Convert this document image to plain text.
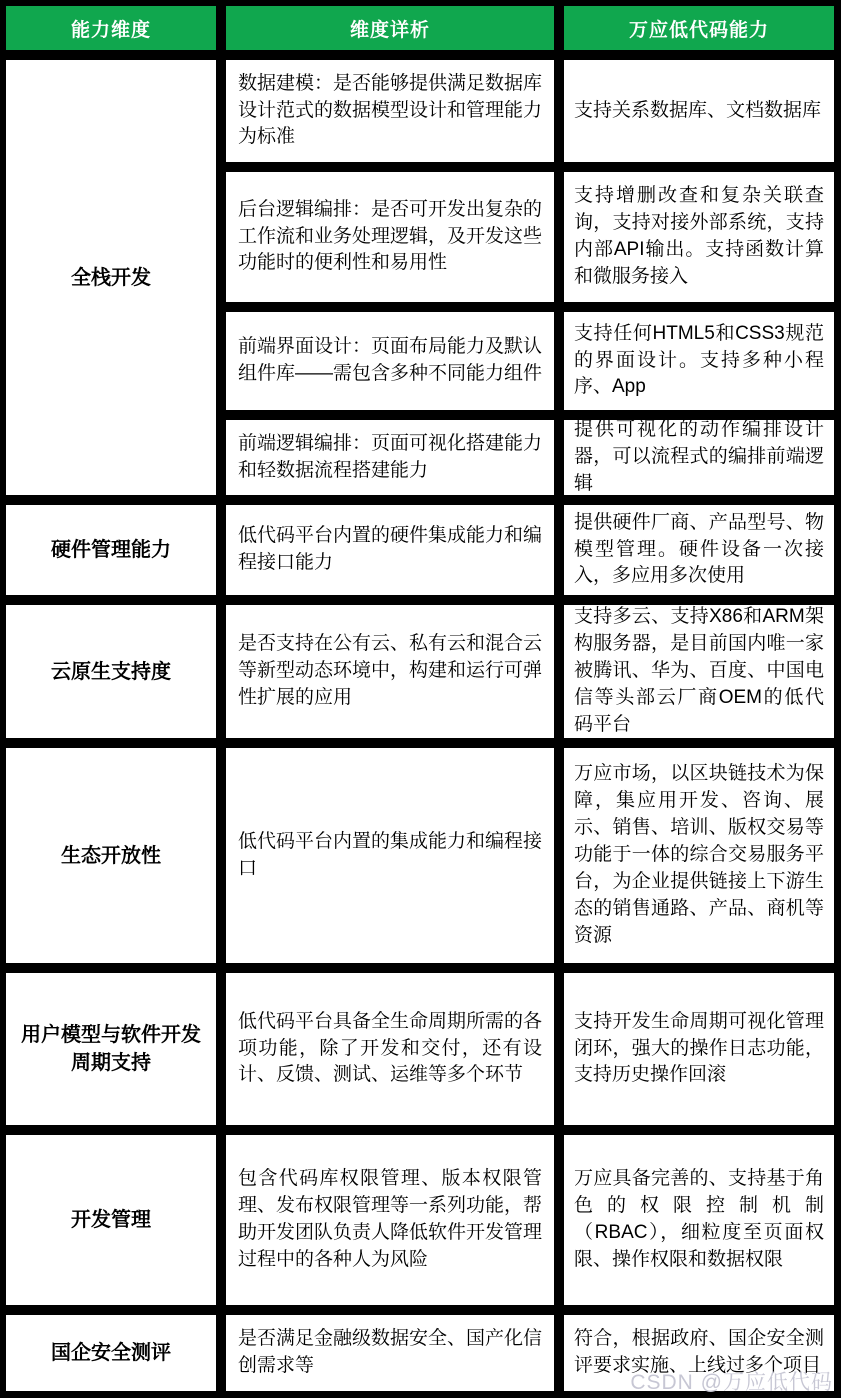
能力维度	维度详析	万应低代码能力
全栈开发
数据建模：是否能够提供满足数据库设计范式的数据模型设计和管理能力为标准
支持关系数据库、文档数据库
后台逻辑编排：是否可开发出复杂的工作流和业务处理逻辑，及开发这些功能时的便利性和易用性
支持增删改查和复杂关联查询，支持对接外部系统，支持内部API输出。支持函数计算和微服务接入
前端界面设计：页面布局能力及默认组件库——需包含多种不同能力组件
支持任何HTML5和CSS3规范的界面设计。支持多种小程序、App
前端逻辑编排：页面可视化搭建能力和轻数据流程搭建能力
提供可视化的动作编排设计器，可以流程式的编排前端逻辑
硬件管理能力
低代码平台内置的硬件集成能力和编程接口能力
提供硬件厂商、产品型号、物模型管理。硬件设备一次接入，多应用多次使用
云原生支持度
是否支持在公有云、私有云和混合云等新型动态环境中，构建和运行可弹性扩展的应用
支持多云、支持X86和ARM架构服务器，是目前国内唯一家被腾讯、华为、百度、中国电信等头部云厂商OEM的低代码平台
生态开放性
低代码平台内置的集成能力和编程接口
万应市场，以区块链技术为保障，集应用开发、咨询、展示、销售、培训、版权交易等功能于一体的综合交易服务平台，为企业提供链接上下游生态的销售通路、产品、商机等资源
用户模型与软件开发周期支持
低代码平台具备全生命周期所需的各项功能，除了开发和交付，还有设计、反馈、测试、运维等多个环节
支持开发生命周期可视化管理闭环，强大的操作日志功能，支持历史操作回滚
开发管理
包含代码库权限管理、版本权限管理、发布权限管理等一系列功能，帮助开发团队负责人降低软件开发管理过程中的各种人为风险
万应具备完善的、支持基于角色的权限控制机制（RBAC），细粒度至页面权限、操作权限和数据权限
国企安全测评
是否满足金融级数据安全、国产化信创需求等
符合，根据政府、国企安全测评要求实施、上线过多个项目
CSDN @万应低代码
